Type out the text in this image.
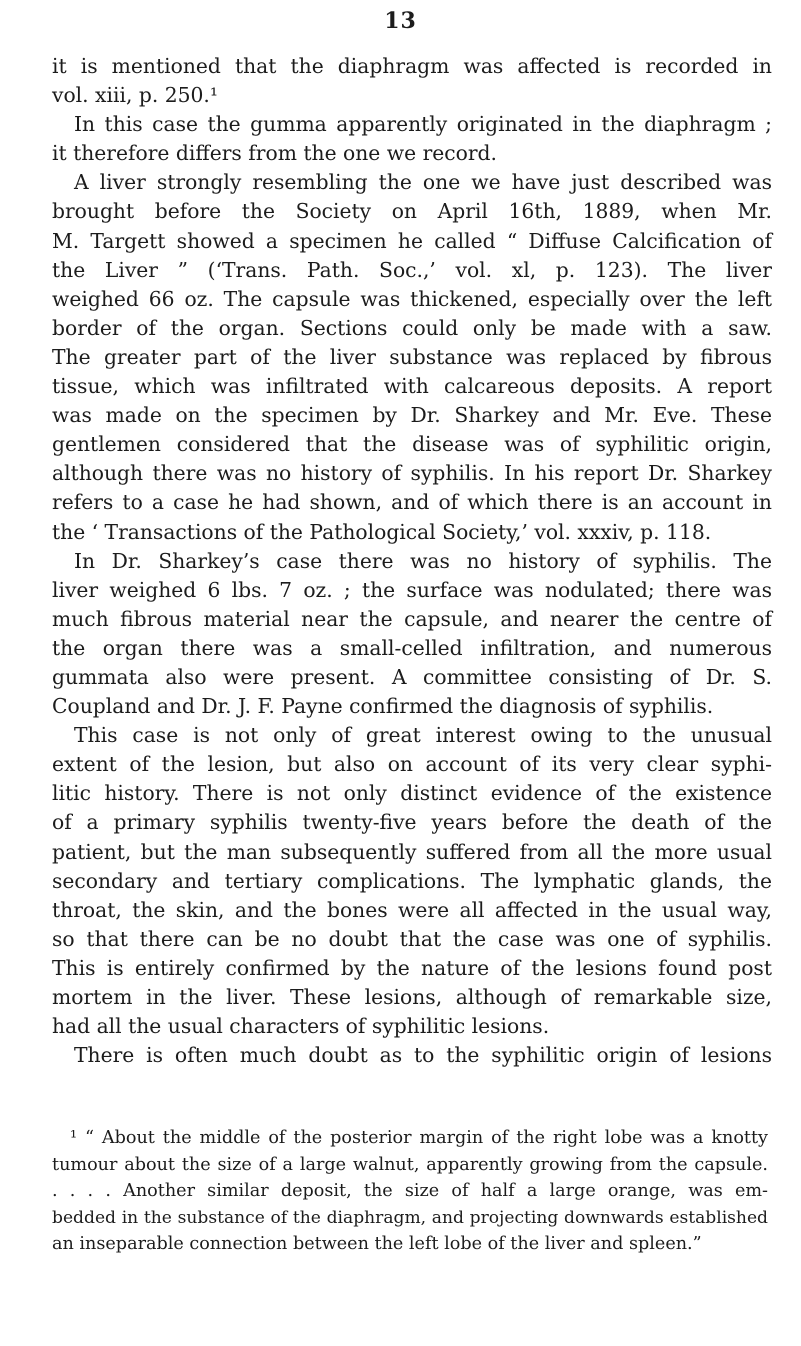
13
it is mentioned that the diaphragm was affected is recorded in
vol. xiii, p. 250.¹
In this case the gumma apparently originated in the diaphragm ;
it therefore differs from the one we record.
A liver strongly resembling the one we have just described was
brought before the Society on April 16th, 1889, when Mr.
M. Targett showed a specimen he called “ Diffuse Calcification of
the Liver ” (‘Trans. Path. Soc.,’ vol. xl, p. 123). The liver
weighed 66 oz. The capsule was thickened, especially over the left
border of the organ. Sections could only be made with a saw.
The greater part of the liver substance was replaced by fibrous
tissue, which was infiltrated with calcareous deposits. A report
was made on the specimen by Dr. Sharkey and Mr. Eve. These
gentlemen considered that the disease was of syphilitic origin,
although there was no history of syphilis. In his report Dr. Sharkey
refers to a case he had shown, and of which there is an account in
the ‘ Transactions of the Pathological Society,’ vol. xxxiv, p. 118.
In Dr. Sharkey’s case there was no history of syphilis. The
liver weighed 6 lbs. 7 oz. ; the surface was nodulated; there was
much fibrous material near the capsule, and nearer the centre of
the organ there was a small-celled infiltration, and numerous
gummata also were present. A committee consisting of Dr. S.
Coupland and Dr. J. F. Payne confirmed the diagnosis of syphilis.
This case is not only of great interest owing to the unusual
extent of the lesion, but also on account of its very clear syphi-
litic history. There is not only distinct evidence of the existence
of a primary syphilis twenty-five years before the death of the
patient, but the man subsequently suffered from all the more usual
secondary and tertiary complications. The lymphatic glands, the
throat, the skin, and the bones were all affected in the usual way,
so that there can be no doubt that the case was one of syphilis.
This is entirely confirmed by the nature of the lesions found post
mortem in the liver. These lesions, although of remarkable size,
had all the usual characters of syphilitic lesions.
There is often much doubt as to the syphilitic origin of lesions
¹ “ About the middle of the posterior margin of the right lobe was a knotty
tumour about the size of a large walnut, apparently growing from the capsule.
. . . . Another similar deposit, the size of half a large orange, was em-
bedded in the substance of the diaphragm, and projecting downwards established
an inseparable connection between the left lobe of the liver and spleen.”
